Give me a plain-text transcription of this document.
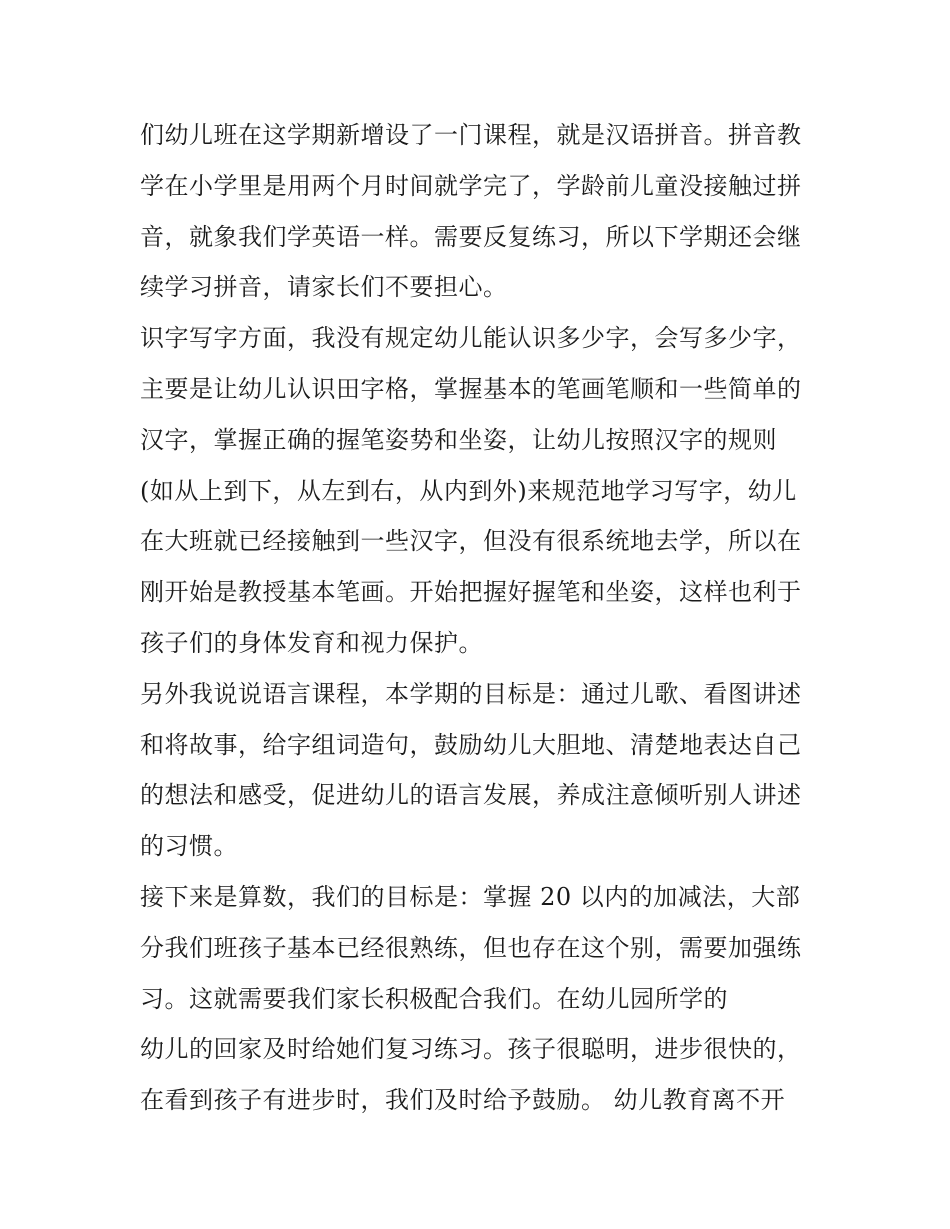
们幼儿班在这学期新增设了一门课程，就是汉语拼音。拼音教
学在小学里是用两个月时间就学完了，学龄前儿童没接触过拼
音，就象我们学英语一样。需要反复练习，所以下学期还会继
续学习拼音，请家长们不要担心。
识字写字方面，我没有规定幼儿能认识多少字，会写多少字，
主要是让幼儿认识田字格，掌握基本的笔画笔顺和一些简单的
汉字，掌握正确的握笔姿势和坐姿，让幼儿按照汉字的规则
(如从上到下，从左到右，从内到外)来规范地学习写字，幼儿
在大班就已经接触到一些汉字，但没有很系统地去学，所以在
刚开始是教授基本笔画。开始把握好握笔和坐姿，这样也利于
孩子们的身体发育和视力保护。
另外我说说语言课程，本学期的目标是：通过儿歌、看图讲述
和将故事，给字组词造句，鼓励幼儿大胆地、清楚地表达自己
的想法和感受，促进幼儿的语言发展，养成注意倾听别人讲述
的习惯。
接下来是算数，我们的目标是：掌握 20 以内的加减法，大部
分我们班孩子基本已经很熟练，但也存在这个别，需要加强练
习。这就需要我们家长积极配合我们。在幼儿园所学的
幼儿的回家及时给她们复习练习。孩子很聪明，进步很快的，
在看到孩子有进步时，我们及时给予鼓励。 幼儿教育离不开
